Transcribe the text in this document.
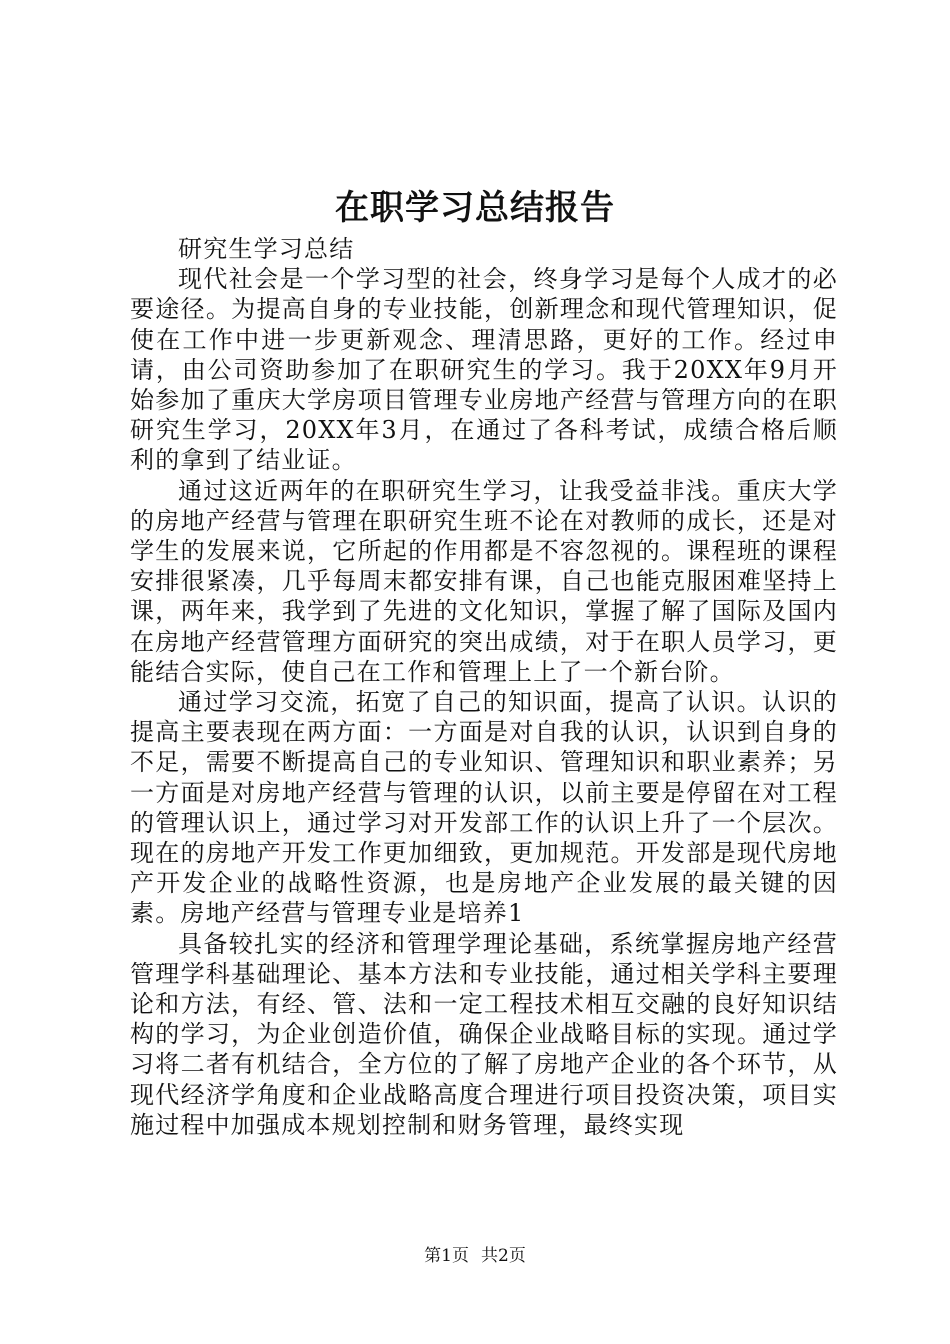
在职学习总结报告

研究生学习总结

现代社会是一个学习型的社会，终身学习是每个人成才的必要途径。为提高自身的专业技能，创新理念和现代管理知识，促使在工作中进一步更新观念、理清思路，更好的工作。经过申请，由公司资助参加了在职研究生的学习。我于20XX年9月开始参加了重庆大学房项目管理专业房地产经营与管理方向的在职研究生学习，20XX年3月，在通过了各科考试，成绩合格后顺利的拿到了结业证。

通过这近两年的在职研究生学习，让我受益非浅。重庆大学的房地产经营与管理在职研究生班不论在对教师的成长，还是对学生的发展来说，它所起的作用都是不容忽视的。课程班的课程安排很紧凑，几乎每周末都安排有课，自己也能克服困难坚持上课，两年来，我学到了先进的文化知识，掌握了解了国际及国内在房地产经营管理方面研究的突出成绩，对于在职人员学习，更能结合实际，使自己在工作和管理上上了一个新台阶。

通过学习交流，拓宽了自己的知识面，提高了认识。认识的提高主要表现在两方面：一方面是对自我的认识，认识到自身的不足，需要不断提高自己的专业知识、管理知识和职业素养；另一方面是对房地产经营与管理的认识，以前主要是停留在对工程的管理认识上，通过学习对开发部工作的认识上升了一个层次。现在的房地产开发工作更加细致，更加规范。开发部是现代房地产开发企业的战略性资源，也是房地产企业发展的最关键的因素。房地产经营与管理专业是培养1

具备较扎实的经济和管理学理论基础，系统掌握房地产经营管理学科基础理论、基本方法和专业技能，通过相关学科主要理论和方法，有经、管、法和一定工程技术相互交融的良好知识结构的学习，为企业创造价值，确保企业战略目标的实现。通过学习将二者有机结合，全方位的了解了房地产企业的各个环节，从现代经济学角度和企业战略高度合理进行项目投资决策，项目实施过程中加强成本规划控制和财务管理，最终实现

第1页 共2页
